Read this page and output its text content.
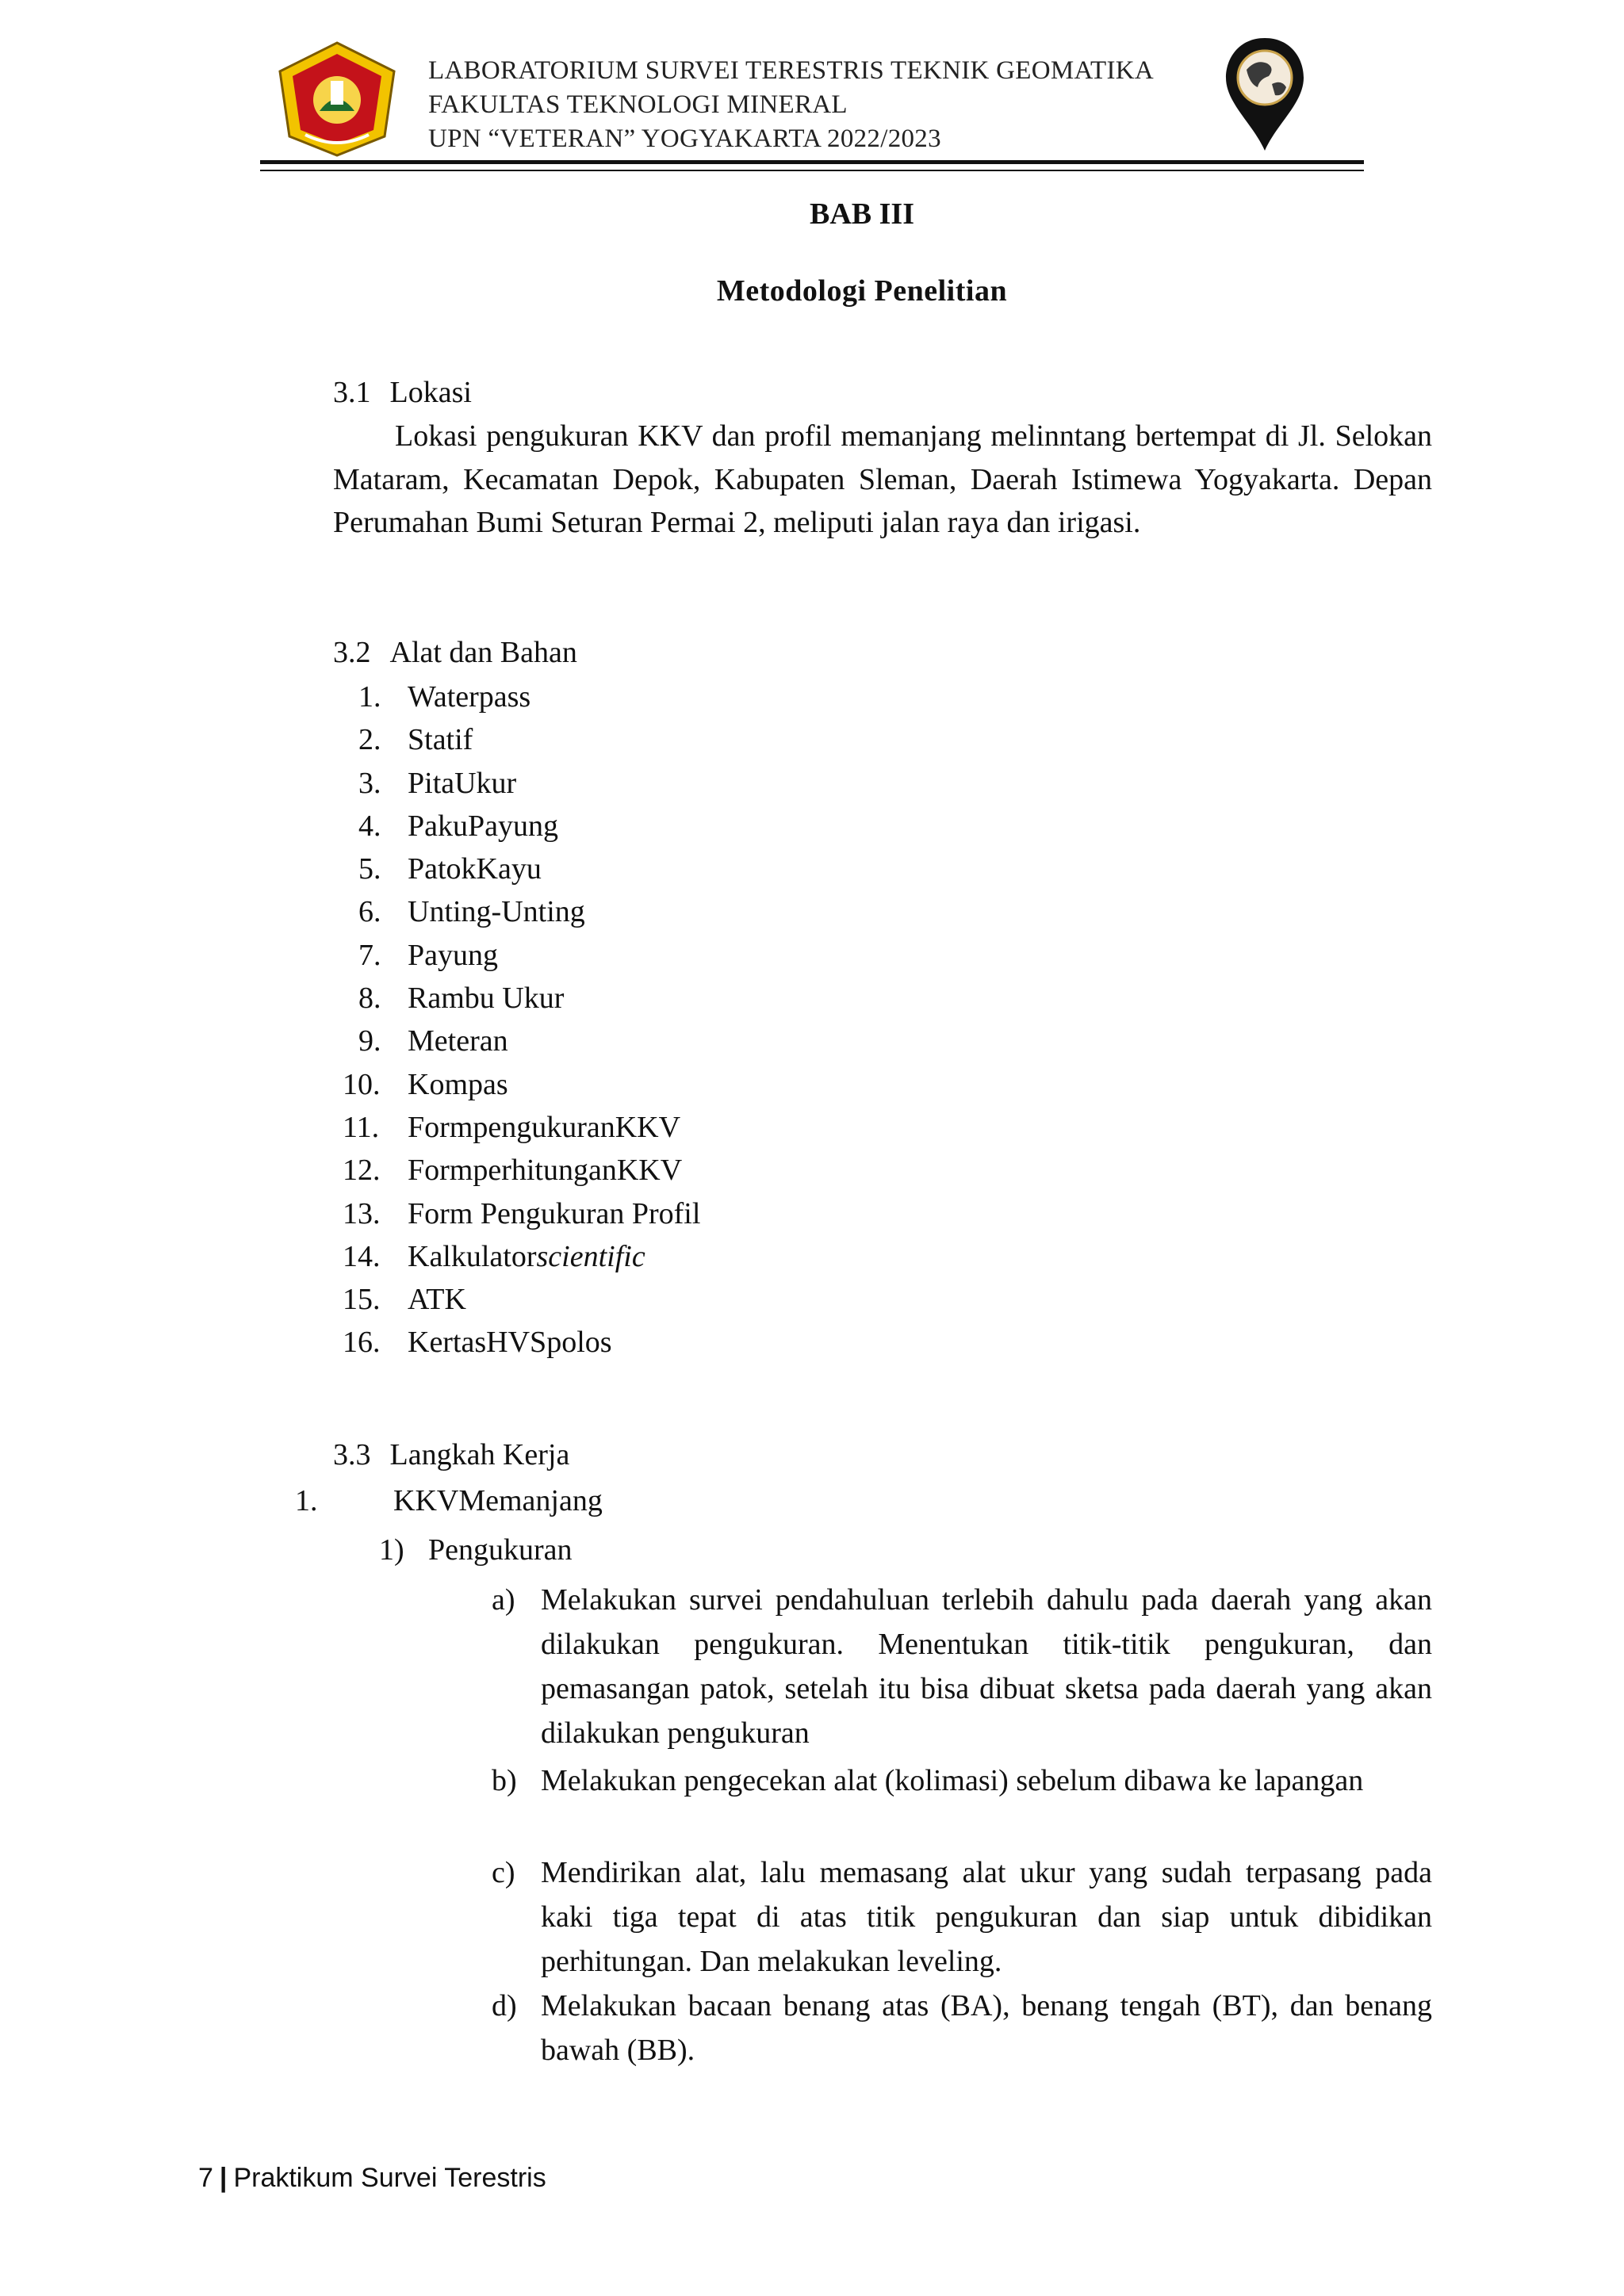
LABORATORIUM SURVEI TERESTRIS TEKNIK GEOMATIKA
FAKULTAS TEKNOLOGI MINERAL
UPN “VETERAN” YOGYAKARTA 2022/2023
BAB III
Metodologi Penelitian
3.1 Lokasi
Lokasi pengukuran KKV dan profil memanjang melinntang bertempat di Jl. Selokan Mataram, Kecamatan Depok, Kabupaten Sleman, Daerah Istimewa Yogyakarta. Depan Perumahan Bumi Seturan Permai 2, meliputi jalan raya dan irigasi.
3.2 Alat dan Bahan
1. Waterpass
2. Statif
3. PitaUkur
4. PakuPayung
5. PatokKayu
6. Unting-Unting
7. Payung
8. Rambu Ukur
9. Meteran
10. Kompas
11. FormpengukuranKKV
12. FormperhitunganKKV
13. Form Pengukuran Profil
14. Kalkulatorscientific
15. ATK
16. KertasHVSpolos
3.3 Langkah Kerja
1.	KKVMemanjang
1) Pengukuran
a) Melakukan survei pendahuluan terlebih dahulu pada daerah yang akan dilakukan pengukuran. Menentukan titik-titik pengukuran, dan pemasangan patok, setelah itu bisa dibuat sketsa pada daerah yang akan dilakukan pengukuran
b) Melakukan pengecekan alat (kolimasi) sebelum dibawa ke lapangan
c) Mendirikan alat, lalu memasang alat ukur yang sudah terpasang pada kaki tiga tepat di atas titik pengukuran dan siap untuk dibidikan perhitungan. Dan melakukan leveling.
d) Melakukan bacaan benang atas (BA), benang tengah (BT), dan benang bawah (BB).
7 | Praktikum Survei Terestris
